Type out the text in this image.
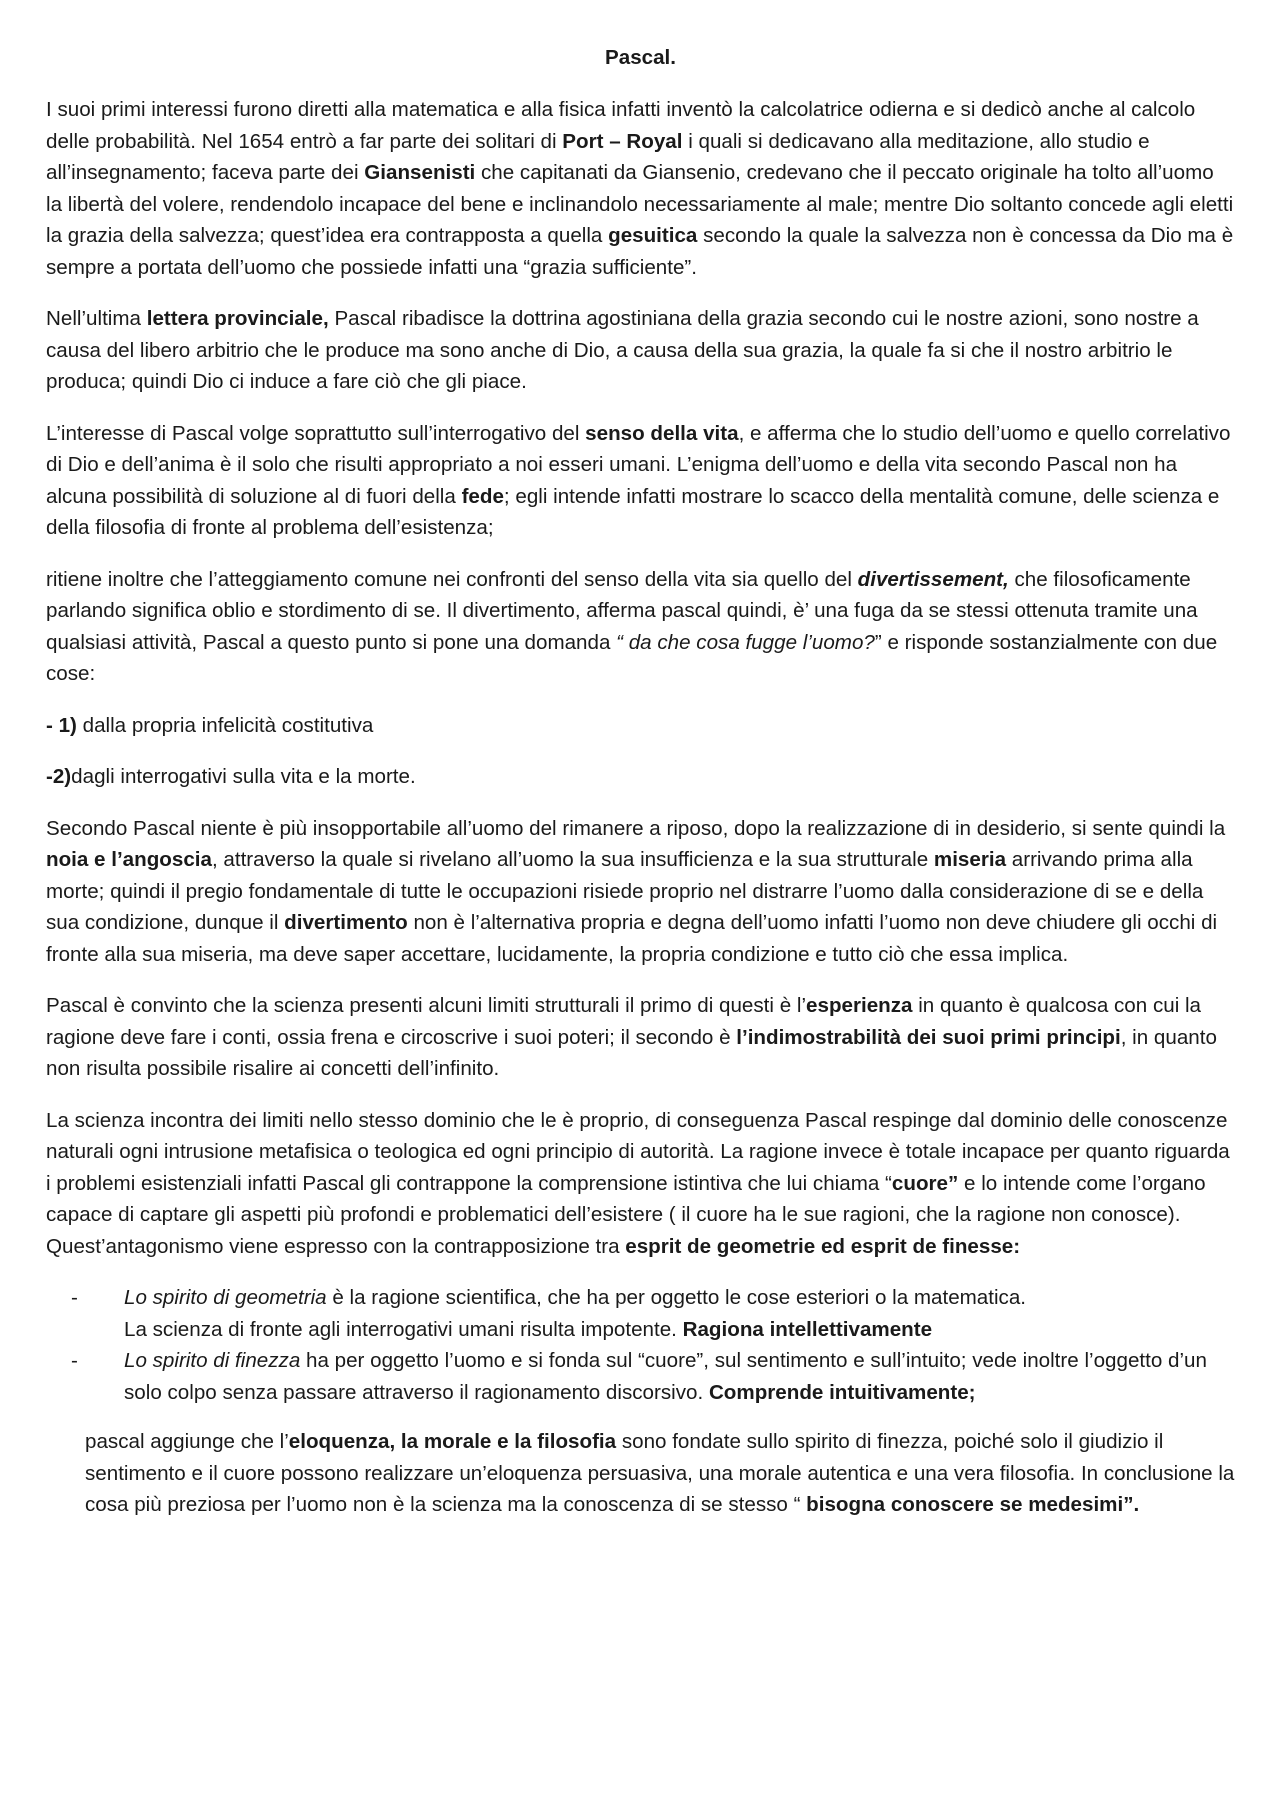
Pascal.

I suoi primi interessi furono diretti alla matematica e alla fisica infatti inventò la calcolatrice odierna e si dedicò anche al calcolo delle probabilità. Nel 1654 entrò a far parte dei solitari di Port – Royal i quali si dedicavano alla meditazione, allo studio e all’insegnamento; faceva parte dei Giansenisti che capitanati da Giansenio, credevano che il peccato originale ha tolto all’uomo la libertà del volere, rendendolo incapace del bene e inclinandolo necessariamente al male; mentre Dio soltanto concede agli eletti la grazia della salvezza; quest’idea era contrapposta a quella gesuitica secondo la quale la salvezza non è concessa da Dio ma è sempre a portata dell’uomo che possiede infatti una “grazia sufficiente”.

Nell’ultima lettera provinciale, Pascal ribadisce la dottrina agostiniana della grazia secondo cui le nostre azioni, sono nostre a causa del libero arbitrio che le produce ma sono anche di Dio, a causa della sua grazia, la quale fa si che il nostro arbitrio le produca; quindi Dio ci induce a fare ciò che gli piace.

L’interesse di Pascal volge soprattutto sull’interrogativo del senso della vita, e afferma che lo studio dell’uomo e quello correlativo di Dio e dell’anima è il solo che risulti appropriato a noi esseri umani. L’enigma dell’uomo e della vita secondo Pascal non ha alcuna possibilità di soluzione al di fuori della fede; egli intende infatti mostrare lo scacco della mentalità comune, delle scienza e della filosofia di fronte al problema dell’esistenza;

ritiene inoltre che l’atteggiamento comune nei confronti del senso della vita sia quello del divertissement, che filosoficamente parlando significa oblio e stordimento di se. Il divertimento, afferma pascal quindi, è’ una fuga da se stessi ottenuta tramite una qualsiasi attività, Pascal a questo punto si pone una domanda “ da che cosa fugge l’uomo?” e risponde sostanzialmente con due cose:

- 1) dalla propria infelicità costitutiva

-2)dagli interrogativi sulla vita e la morte.

Secondo Pascal niente è più insopportabile all’uomo del rimanere a riposo, dopo la realizzazione di in desiderio, si sente quindi la noia e l’angoscia, attraverso la quale si rivelano all’uomo la sua insufficienza e la sua strutturale miseria arrivando prima alla morte; quindi il pregio fondamentale di tutte le occupazioni risiede proprio nel distrarre l’uomo dalla considerazione di se e della sua condizione, dunque il divertimento non è l’alternativa propria e degna dell’uomo infatti l’uomo non deve chiudere gli occhi di fronte alla sua miseria, ma deve saper accettare, lucidamente, la propria condizione e tutto ciò che essa implica.

Pascal è convinto che la scienza presenti alcuni limiti strutturali il primo di questi è l’esperienza in quanto è qualcosa con cui la ragione deve fare i conti, ossia frena e circoscrive i suoi poteri; il secondo è l’indimostrabilità dei suoi primi principi, in quanto non risulta possibile risalire ai concetti dell’infinito.

La scienza incontra dei limiti nello stesso dominio che le è proprio, di conseguenza Pascal respinge dal dominio delle conoscenze naturali ogni intrusione metafisica o teologica ed ogni principio di autorità. La ragione invece è totale incapace per quanto riguarda i problemi esistenziali infatti Pascal gli contrappone la comprensione istintiva che lui chiama “cuore” e lo intende come l’organo capace di captare gli aspetti più profondi e problematici dell’esistere ( il cuore ha le sue ragioni, che la ragione non conosce). Quest’antagonismo viene espresso con la contrapposizione tra esprit de geometrie ed esprit de finesse:

- Lo spirito di geometria è la ragione scientifica, che ha per oggetto le cose esteriori o la matematica.
La scienza di fronte agli interrogativi umani risulta impotente. Ragiona intellettivamente
- Lo spirito di finezza ha per oggetto l’uomo e si fonda sul “cuore”, sul sentimento e sull’intuito; vede inoltre l’oggetto d’un solo colpo senza passare attraverso il ragionamento discorsivo. Comprende intuitivamente;

pascal aggiunge che l’eloquenza, la morale e la filosofia sono fondate sullo spirito di finezza, poiché solo il giudizio il sentimento e il cuore possono realizzare un’eloquenza persuasiva, una morale autentica e una vera filosofia. In conclusione la cosa più preziosa per l’uomo non è la scienza ma la conoscenza di se stesso “ bisogna conoscere se medesimi”.
